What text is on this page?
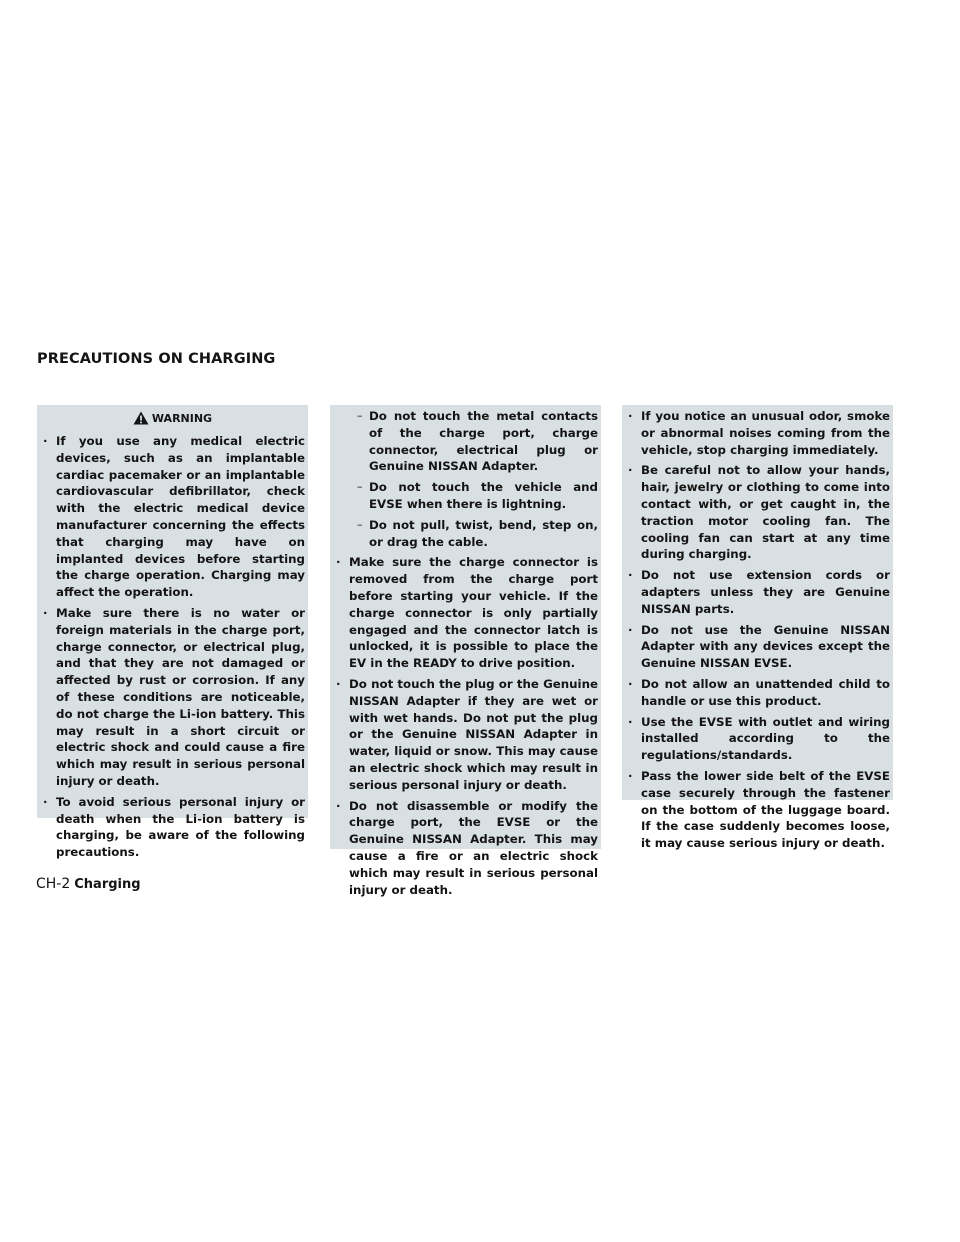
PRECAUTIONS ON CHARGING
WARNING
· If you use any medical electric devices, such as an implantable cardiac pacemaker or an implantable cardiovascular defibrillator, check with the electric medical device manufacturer concerning the effects that charging may have on implanted devices before starting the charge operation. Charging may affect the operation.
· Make sure there is no water or foreign materials in the charge port, charge connector, or electrical plug, and that they are not damaged or affected by rust or corrosion. If any of these conditions are noticeable, do not charge the Li-ion battery. This may result in a short circuit or electric shock and could cause a fire which may result in serious personal injury or death.
· To avoid serious personal injury or death when the Li-ion battery is charging, be aware of the following precautions.
– Do not touch the metal contacts of the charge port, charge connector, electrical plug or Genuine NISSAN Adapter.
– Do not touch the vehicle and EVSE when there is lightning.
– Do not pull, twist, bend, step on, or drag the cable.
· Make sure the charge connector is removed from the charge port before starting your vehicle. If the charge connector is only partially engaged and the connector latch is unlocked, it is possible to place the EV in the READY to drive position.
· Do not touch the plug or the Genuine NISSAN Adapter if they are wet or with wet hands. Do not put the plug or the Genuine NISSAN Adapter in water, liquid or snow. This may cause an electric shock which may result in serious personal injury or death.
· Do not disassemble or modify the charge port, the EVSE or the Genuine NISSAN Adapter. This may cause a fire or an electric shock which may result in serious personal injury or death.
· If you notice an unusual odor, smoke or abnormal noises coming from the vehicle, stop charging immediately.
· Be careful not to allow your hands, hair, jewelry or clothing to come into contact with, or get caught in, the traction motor cooling fan. The cooling fan can start at any time during charging.
· Do not use extension cords or adapters unless they are Genuine NISSAN parts.
· Do not use the Genuine NISSAN Adapter with any devices except the Genuine NISSAN EVSE.
· Do not allow an unattended child to handle or use this product.
· Use the EVSE with outlet and wiring installed according to the regulations/standards.
· Pass the lower side belt of the EVSE case securely through the fastener on the bottom of the luggage board. If the case suddenly becomes loose, it may cause serious injury or death.
CH-2 Charging
